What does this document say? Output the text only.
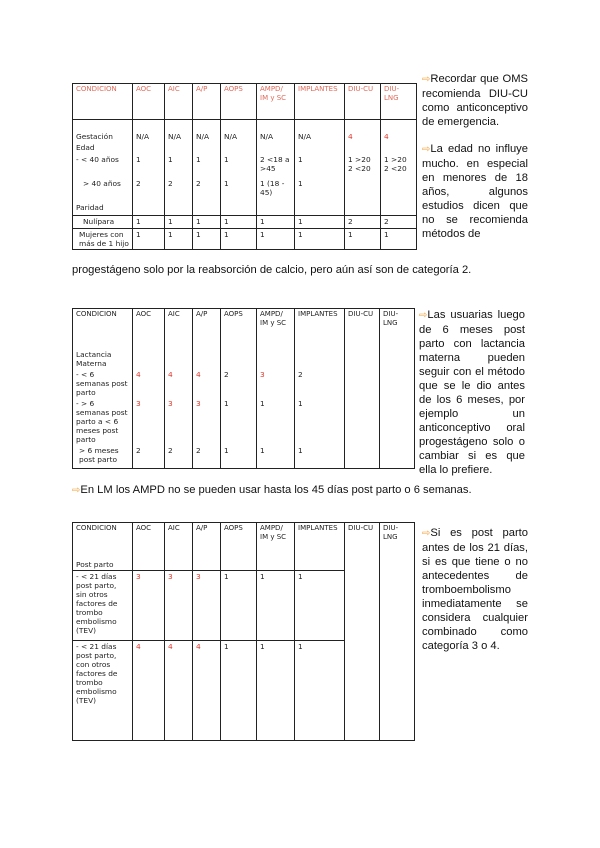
CONDICION	AOC	AIC	A/P	AOPS	AMPD/ IM y SC	IMPLANTES	DIU-CU	DIU-LNG
Gestación	N/A	N/A	N/A	N/A	N/A	N/A	4	4
Edad								
- < 40 años	1	1	1	1	2 <18 a >45	1	1 >20 2 <20	1 >20 2 <20
> 40 años	2	2	2	1	1 (18 - 45)	1		
Paridad								
Nulípara	1	1	1	1	1	1	2	2
Mujeres con más de 1 hijo	1	1	1	1	1	1	1	1
⇨Recordar que OMS recomienda DIU-CU como anticonceptivo de emergencia.
⇨La edad no influye mucho. en especial en menores de 18 años, algunos estudios dicen que no se recomienda métodos de
progestágeno solo por la reabsorción de calcio, pero aún así son de categoría 2.
CONDICION	AOC	AIC	A/P	AOPS	AMPD/ IM y SC	IMPLANTES	DIU-CU	DIU-LNG
Lactancia Materna								
- < 6 semanas post parto	4	4	4	2	3	2		
- > 6 semanas post parto a < 6 meses post parto	3	3	3	1	1	1		
> 6 meses post parto	2	2	2	1	1	1		
⇨Las usuarias luego de 6 meses post parto con lactancia materna pueden seguir con el método que se le dio antes de los 6 meses, por ejemplo un anticonceptivo oral progestágeno solo o cambiar si es que ella lo prefiere.
⇨En LM los AMPD no se pueden usar hasta los 45 días post parto o 6 semanas.
CONDICION	AOC	AIC	A/P	AOPS	AMPD/ IM y SC	IMPLANTES	DIU-CU	DIU-LNG
Post parto								
- < 21 días post parto, sin otros factores de trombo embolismo (TEV)	3	3	3	1	1	1		
- < 21 días post parto, con otros factores de trombo embolismo (TEV)	4	4	4	1	1	1		
⇨Si es post parto antes de los 21 días, si es que tiene o no antecedentes de tromboembolismo inmediatamente se considera cualquier combinado como categoría 3 o 4.
